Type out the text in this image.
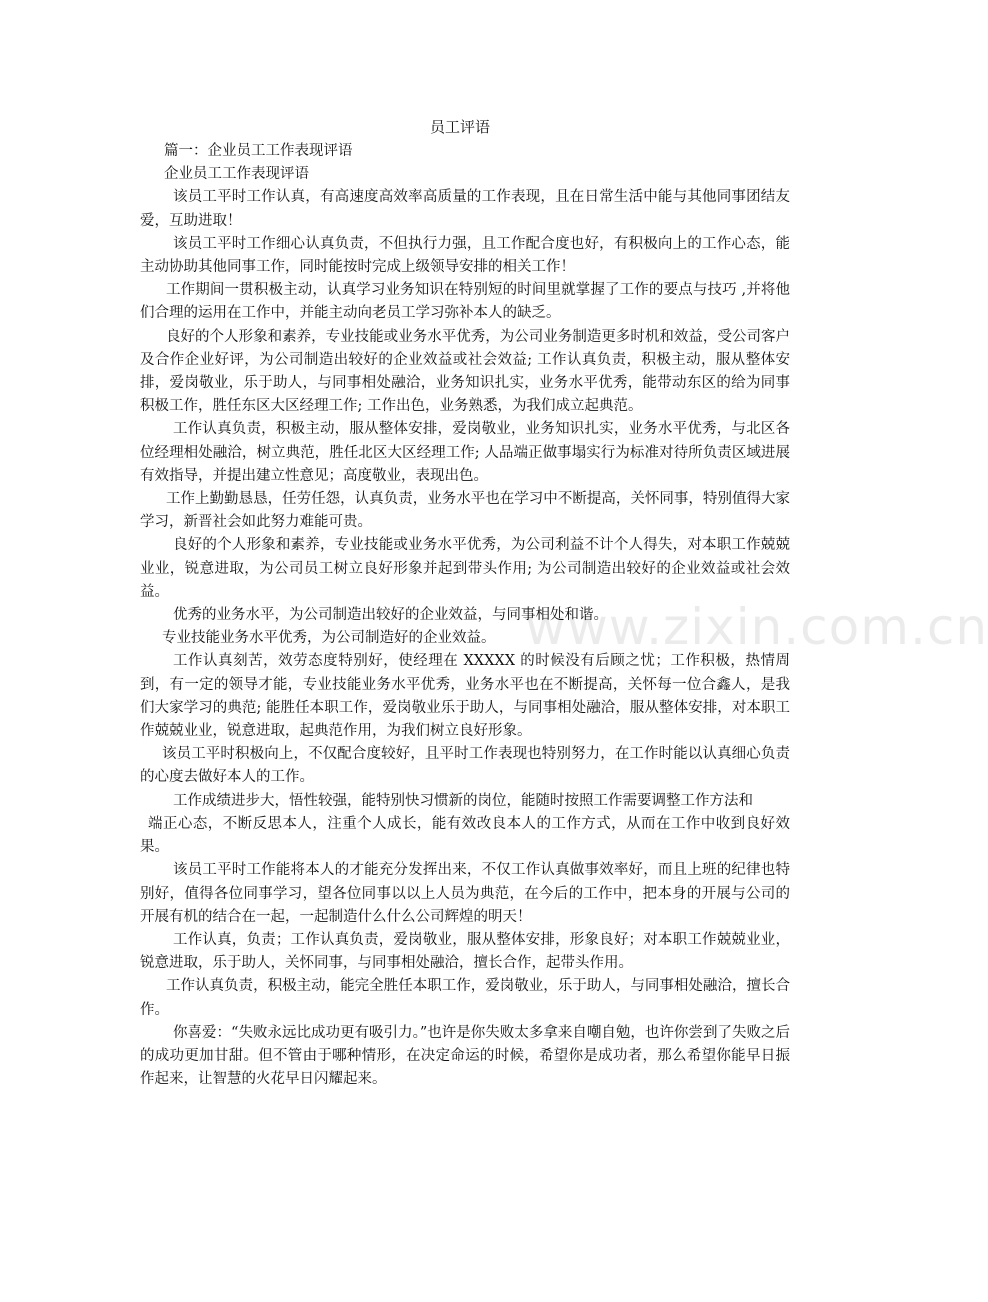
员工评语

篇一：企业员工工作表现评语

企业员工工作表现评语

该员工平时工作认真，有高速度高效率高质量的工作表现，且在日常生活中能与其他同事团结友爱，互助进取！

该员工平时工作细心认真负责，不但执行力强，且工作配合度也好，有积极向上的工作心态，能主动协助其他同事工作，同时能按时完成上级领导安排的相关工作！

工作期间一贯积极主动，认真学习业务知识在特别短的时间里就掌握了工作的要点与技巧 ,并将他们合理的运用在工作中，并能主动向老员工学习弥补本人的缺乏。

良好的个人形象和素养，专业技能或业务水平优秀，为公司业务制造更多时机和效益，受公司客户及合作企业好评，为公司制造出较好的企业效益或社会效益; 工作认真负责，积极主动，服从整体安排，爱岗敬业，乐于助人，与同事相处融洽，业务知识扎实，业务水平优秀，能带动东区的给为同事积极工作，胜任东区大区经理工作; 工作出色，业务熟悉，为我们成立起典范。

工作认真负责，积极主动，服从整体安排，爱岗敬业，业务知识扎实，业务水平优秀，与北区各位经理相处融洽，树立典范，胜任北区大区经理工作; 人品端正做事塌实行为标准对待所负责区域进展有效指导，并提出建立性意见；高度敬业，表现出色。

工作上勤勤恳恳，任劳任怨，认真负责，业务水平也在学习中不断提高，关怀同事，特别值得大家学习，新晋社会如此努力难能可贵。

良好的个人形象和素养，专业技能或业务水平优秀，为公司利益不计个人得失，对本职工作兢兢业业，锐意进取，为公司员工树立良好形象并起到带头作用; 为公司制造出较好的企业效益或社会效益。

优秀的业务水平，为公司制造出较好的企业效益，与同事相处和谐。

专业技能业务水平优秀，为公司制造好的企业效益。

工作认真刻苦，效劳态度特别好，使经理在 XXXXX 的时候没有后顾之忧；工作积极，热情周到，有一定的领导才能，专业技能业务水平优秀，业务水平也在不断提高，关怀每一位合鑫人，是我们大家学习的典范; 能胜任本职工作，爱岗敬业乐于助人，与同事相处融洽，服从整体安排，对本职工作兢兢业业，锐意进取，起典范作用，为我们树立良好形象。

该员工平时积极向上，不仅配合度较好，且平时工作表现也特别努力，在工作时能以认真细心负责的心度去做好本人的工作。

工作成绩进步大，悟性较强，能特别快习惯新的岗位，能随时按照工作需要调整工作方法和

端正心态，不断反思本人，注重个人成长，能有效改良本人的工作方式，从而在工作中收到良好效果。

该员工平时工作能将本人的才能充分发挥出来，不仅工作认真做事效率好，而且上班的纪律也特别好，值得各位同事学习，望各位同事以以上人员为典范，在今后的工作中，把本身的开展与公司的开展有机的结合在一起，一起制造什么什么公司辉煌的明天！

工作认真，负责；工作认真负责，爱岗敬业，服从整体安排，形象良好；对本职工作兢兢业业，锐意进取，乐于助人，关怀同事，与同事相处融洽，擅长合作，起带头作用。

工作认真负责，积极主动，能完全胜任本职工作，爱岗敬业，乐于助人，与同事相处融洽，擅长合作。

你喜爱：“失败永远比成功更有吸引力。”也许是你失败太多拿来自嘲自勉，也许你尝到了失败之后的成功更加甘甜。但不管由于哪种情形，在决定命运的时候，希望你是成功者，那么希望你能早日振作起来，让智慧的火花早日闪耀起来。

www.zixin.com.cn
